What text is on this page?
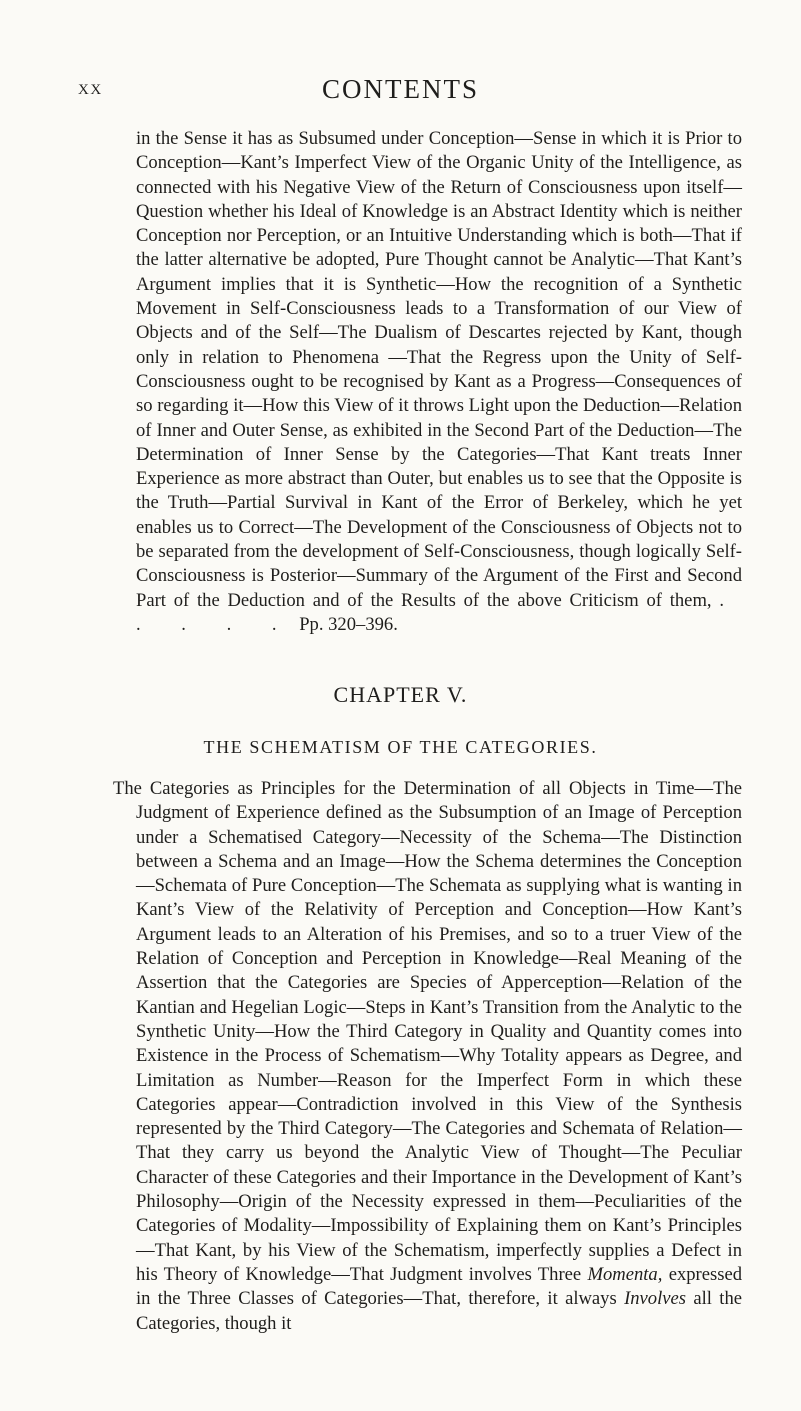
XX	CONTENTS

in the Sense it has as Subsumed under Conception—Sense in which it is Prior to Conception—Kant’s Imperfect View of the Organic Unity of the Intelligence, as connected with his Negative View of the Return of Consciousness upon itself—Question whether his Ideal of Knowledge is an Abstract Identity which is neither Conception nor Perception, or an Intuitive Understanding which is both—That if the latter alternative be adopted, Pure Thought cannot be Analytic—That Kant’s Argument implies that it is Synthetic—How the recognition of a Synthetic Movement in Self-Consciousness leads to a Transformation of our View of Objects and of the Self—The Dualism of Descartes rejected by Kant, though only in relation to Phenomena —That the Regress upon the Unity of Self-Consciousness ought to be recognised by Kant as a Progress—Consequences of so regarding it—How this View of it throws Light upon the Deduction—Relation of Inner and Outer Sense, as exhibited in the Second Part of the Deduction—The Determination of Inner Sense by the Categories—That Kant treats Inner Experience as more abstract than Outer, but enables us to see that the Opposite is the Truth—Partial Survival in Kant of the Error of Berkeley, which he yet enables us to Correct—The Development of the Consciousness of Objects not to be separated from the development of Self-Consciousness, though logically Self-Consciousness is Posterior—Summary of the Argument of the First and Second Part of the Deduction and of the Results of the above Criticism of them, . . . . . Pp. 320–396.

CHAPTER V.
THE SCHEMATISM OF THE CATEGORIES.

The Categories as Principles for the Determination of all Objects in Time—The Judgment of Experience defined as the Subsumption of an Image of Perception under a Schematised Category—Necessity of the Schema—The Distinction between a Schema and an Image—How the Schema determines the Conception—Schemata of Pure Conception—The Schemata as supplying what is wanting in Kant’s View of the Relativity of Perception and Conception—How Kant’s Argument leads to an Alteration of his Premises, and so to a truer View of the Relation of Conception and Perception in Knowledge—Real Meaning of the Assertion that the Categories are Species of Apperception—Relation of the Kantian and Hegelian Logic—Steps in Kant’s Transition from the Analytic to the Synthetic Unity—How the Third Category in Quality and Quantity comes into Existence in the Process of Schematism—Why Totality appears as Degree, and Limitation as Number—Reason for the Imperfect Form in which these Categories appear—Contradiction involved in this View of the Synthesis represented by the Third Category—The Categories and Schemata of Relation—That they carry us beyond the Analytic View of Thought—The Peculiar Character of these Categories and their Importance in the Development of Kant’s Philosophy—Origin of the Necessity expressed in them—Peculiarities of the Categories of Modality—Impossibility of Explaining them on Kant’s Principles—That Kant, by his View of the Schematism, imperfectly supplies a Defect in his Theory of Knowledge—That Judgment involves Three Momenta, expressed in the Three Classes of Categories—That, therefore, it always Involves all the Categories, though it
